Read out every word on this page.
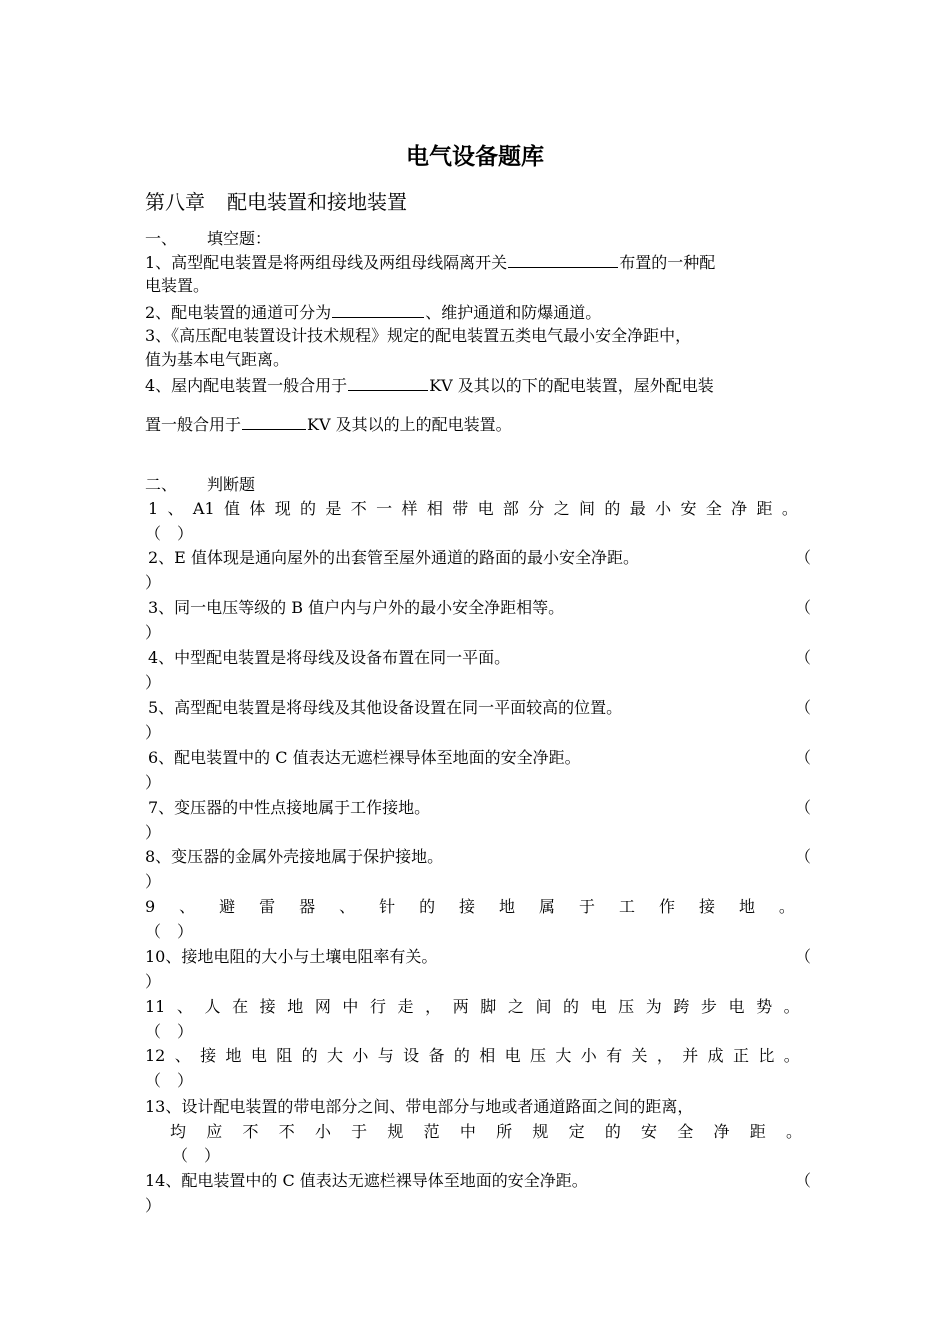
电气设备题库
第八章 配电装置和接地装置
一、 填空题：
1、高型配电装置是将两组母线及两组母线隔离开关	布置的一种配
电装置。
2、配电装置的通道可分为	、维护通道和防爆通道。
3、《高压配电装置设计技术规程》规定的配电装置五类电气最小安全净距中，
值为基本电气距离。
4、屋内配电装置一般合用于	KV 及其以的下的配电装置，屋外配电装
置一般合用于	KV 及其以的上的配电装置。
二、 判断题
1 、 A1 值 体 现 的 是 不 一 样 相 带 电 部 分 之 间 的 最 小 安 全 净 距 。
（　）
2、E 值体现是通向屋外的出套管至屋外通道的路面的最小安全净距。	（
）
3、同一电压等级的 B 值户内与户外的最小安全净距相等。	（
）
4、中型配电装置是将母线及设备布置在同一平面。	（
）
5、高型配电装置是将母线及其他设备设置在同一平面较高的位置。	（
）
6、配电装置中的 C 值表达无遮栏裸导体至地面的安全净距。	（
）
7、变压器的中性点接地属于工作接地。	（
）
8、变压器的金属外壳接地属于保护接地。	（
）
9 、 避 雷 器 、 针 的 接 地 属 于 工 作 接 地 。
（　）
10、接地电阻的大小与土壤电阻率有关。	（
）
11 、 人 在 接 地 网 中 行 走 ， 两 脚 之 间 的 电 压 为 跨 步 电 势 。
（　）
12 、 接 地 电 阻 的 大 小 与 设 备 的 相 电 压 大 小 有 关 ， 并 成 正 比 。
（　）
13、设计配电装置的带电部分之间、带电部分与地或者通道路面之间的距离，
均 应 不 不 小 于 规 范 中 所 规 定 的 安 全 净 距 。
（　）
14、配电装置中的 C 值表达无遮栏裸导体至地面的安全净距。	（
）
